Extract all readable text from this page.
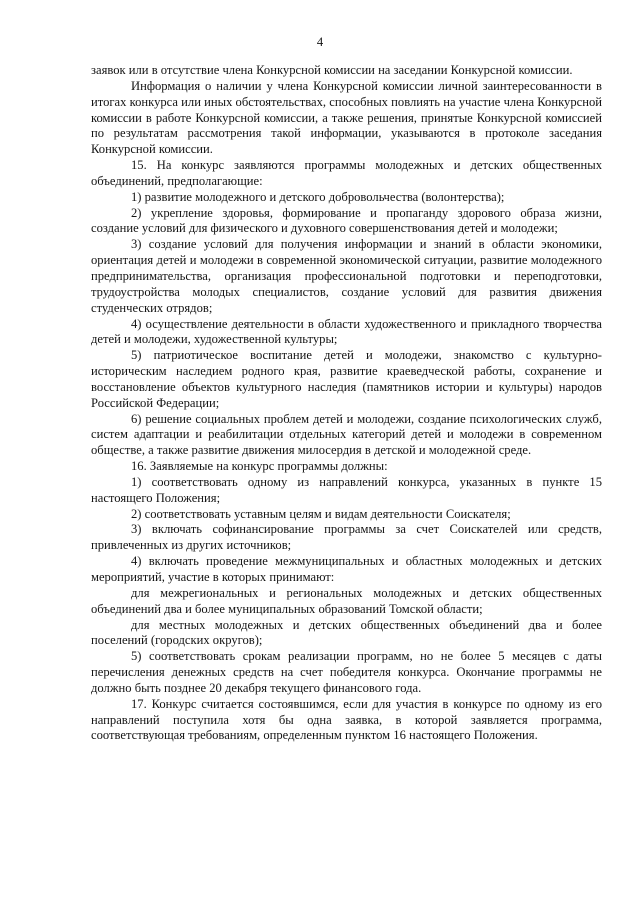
4

заявок или в отсутствие члена Конкурсной комиссии на заседании Конкурсной комиссии.

Информация о наличии у члена Конкурсной комиссии личной заинтересованности в итогах конкурса или иных обстоятельствах, способных повлиять на участие члена Конкурсной комиссии в работе Конкурсной комиссии, а также решения, принятые Конкурсной комиссией по результатам рассмотрения такой информации, указываются в протоколе заседания Конкурсной комиссии.

15. На конкурс заявляются программы молодежных и детских общественных объединений, предполагающие:

1) развитие молодежного и детского добровольчества (волонтерства);

2) укрепление здоровья, формирование и пропаганду здорового образа жизни, создание условий для физического и духовного совершенствования детей и молодежи;

3) создание условий для получения информации и знаний в области экономики, ориентация детей и молодежи в современной экономической ситуации, развитие молодежного предпринимательства, организация профессиональной подготовки и переподготовки, трудоустройства молодых специалистов, создание условий для развития движения студенческих отрядов;

4) осуществление деятельности в области художественного и прикладного творчества детей и молодежи, художественной культуры;

5) патриотическое воспитание детей и молодежи, знакомство с культурно-историческим наследием родного края, развитие краеведческой работы, сохранение и восстановление объектов культурного наследия (памятников истории и культуры) народов Российской Федерации;

6) решение социальных проблем детей и молодежи, создание психологических служб, систем адаптации и реабилитации отдельных категорий детей и молодежи в современном обществе, а также развитие движения милосердия в детской и молодежной среде.

16. Заявляемые на конкурс программы должны:

1) соответствовать одному из направлений конкурса, указанных в пункте 15 настоящего Положения;

2) соответствовать уставным целям и видам деятельности Соискателя;

3) включать софинансирование программы за счет Соискателей или средств, привлеченных из других источников;

4) включать проведение межмуниципальных и областных молодежных и детских мероприятий, участие в которых принимают:

для межрегиональных и региональных молодежных и детских общественных объединений два и более муниципальных образований Томской области;

для местных молодежных и детских общественных объединений два и более поселений (городских округов);

5) соответствовать срокам реализации программ, но не более 5 месяцев с даты перечисления денежных средств на счет победителя конкурса. Окончание программы не должно быть позднее 20 декабря текущего финансового года.

17. Конкурс считается состоявшимся, если для участия в конкурсе по одному из его направлений поступила хотя бы одна заявка, в которой заявляется программа, соответствующая требованиям, определенным пунктом 16 настоящего Положения.
